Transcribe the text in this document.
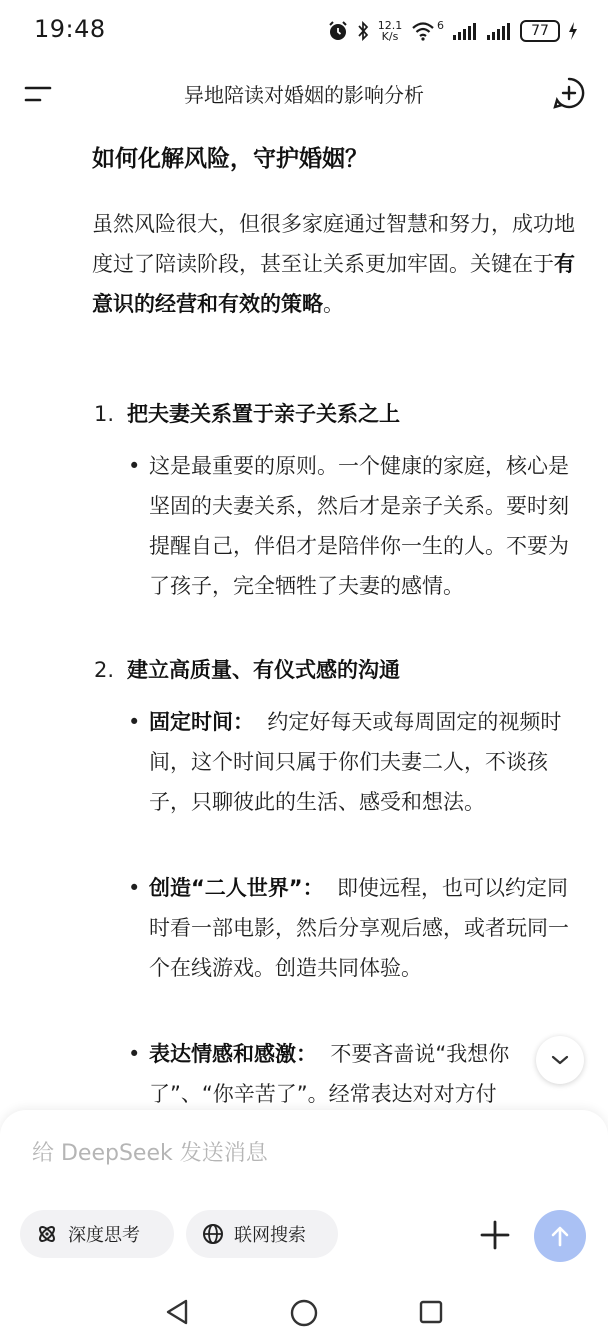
19:48	12.1
K/s
6	77
异地陪读对婚姻的影响分析
如何化解风险，守护婚姻？
虽然风险很大，但很多家庭通过智慧和努力，成功地度过了陪读阶段，甚至让关系更加牢固。关键在于有意识的经营和有效的策略。
1. 把夫妻关系置于亲子关系之上
• 这是最重要的原则。一个健康的家庭，核心是坚固的夫妻关系，然后才是亲子关系。要时刻提醒自己，伴侣才是陪伴你一生的人。不要为了孩子，完全牺牲了夫妻的感情。
2. 建立高质量、有仪式感的沟通
• 固定时间： 约定好每天或每周固定的视频时间，这个时间只属于你们夫妻二人，不谈孩子，只聊彼此的生活、感受和想法。
• 创造“二人世界”： 即使远程，也可以约定同时看一部电影，然后分享观后感，或者玩同一个在线游戏。创造共同体验。
• 表达情感和感激： 不要吝啬说“我想你了”、“你辛苦了”。经常表达对对方付
给 DeepSeek 发送消息
深度思考	联网搜索
